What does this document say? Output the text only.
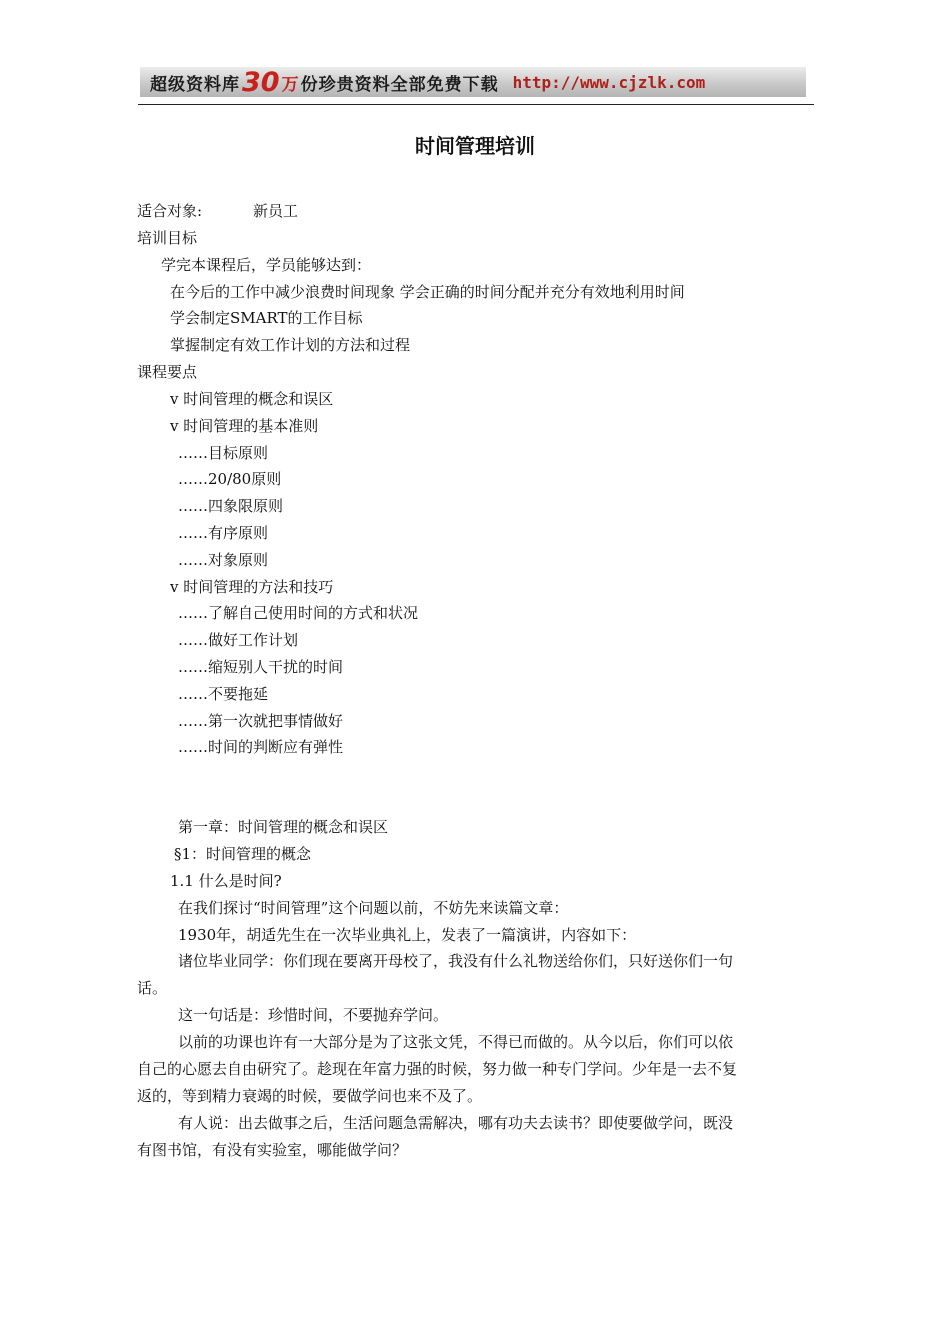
超级资料库 30 万 份珍贵资料全部免费下载 http://www.cjzlk.com
时间管理培训
适合对象:	新员工
培训目标
学完本课程后，学员能够达到：
在今后的工作中减少浪费时间现象 学会正确的时间分配并充分有效地利用时间
学会制定SMART的工作目标
掌握制定有效工作计划的方法和过程
课程要点
v 时间管理的概念和误区
v 时间管理的基本准则
……目标原则
……20/80原则
……四象限原则
……有序原则
……对象原则
v 时间管理的方法和技巧
……了解自己使用时间的方式和状况
……做好工作计划
……缩短别人干扰的时间
……不要拖延
……第一次就把事情做好
……时间的判断应有弹性
第一章：时间管理的概念和误区
§1：时间管理的概念
1.1 什么是时间?
在我们探讨“时间管理”这个问题以前，不妨先来读篇文章：
1930年，胡适先生在一次毕业典礼上，发表了一篇演讲，内容如下：
诸位毕业同学：你们现在要离开母校了，我没有什么礼物送给你们，只好送你们一句
话。
这一句话是：珍惜时间，不要抛弃学问。
以前的功课也许有一大部分是为了这张文凭，不得已而做的。从今以后，你们可以依
自己的心愿去自由研究了。趁现在年富力强的时候，努力做一种专门学问。少年是一去不复
返的，等到精力衰竭的时候，要做学问也来不及了。
有人说：出去做事之后，生活问题急需解决，哪有功夫去读书？即使要做学问，既没
有图书馆，有没有实验室，哪能做学问？
